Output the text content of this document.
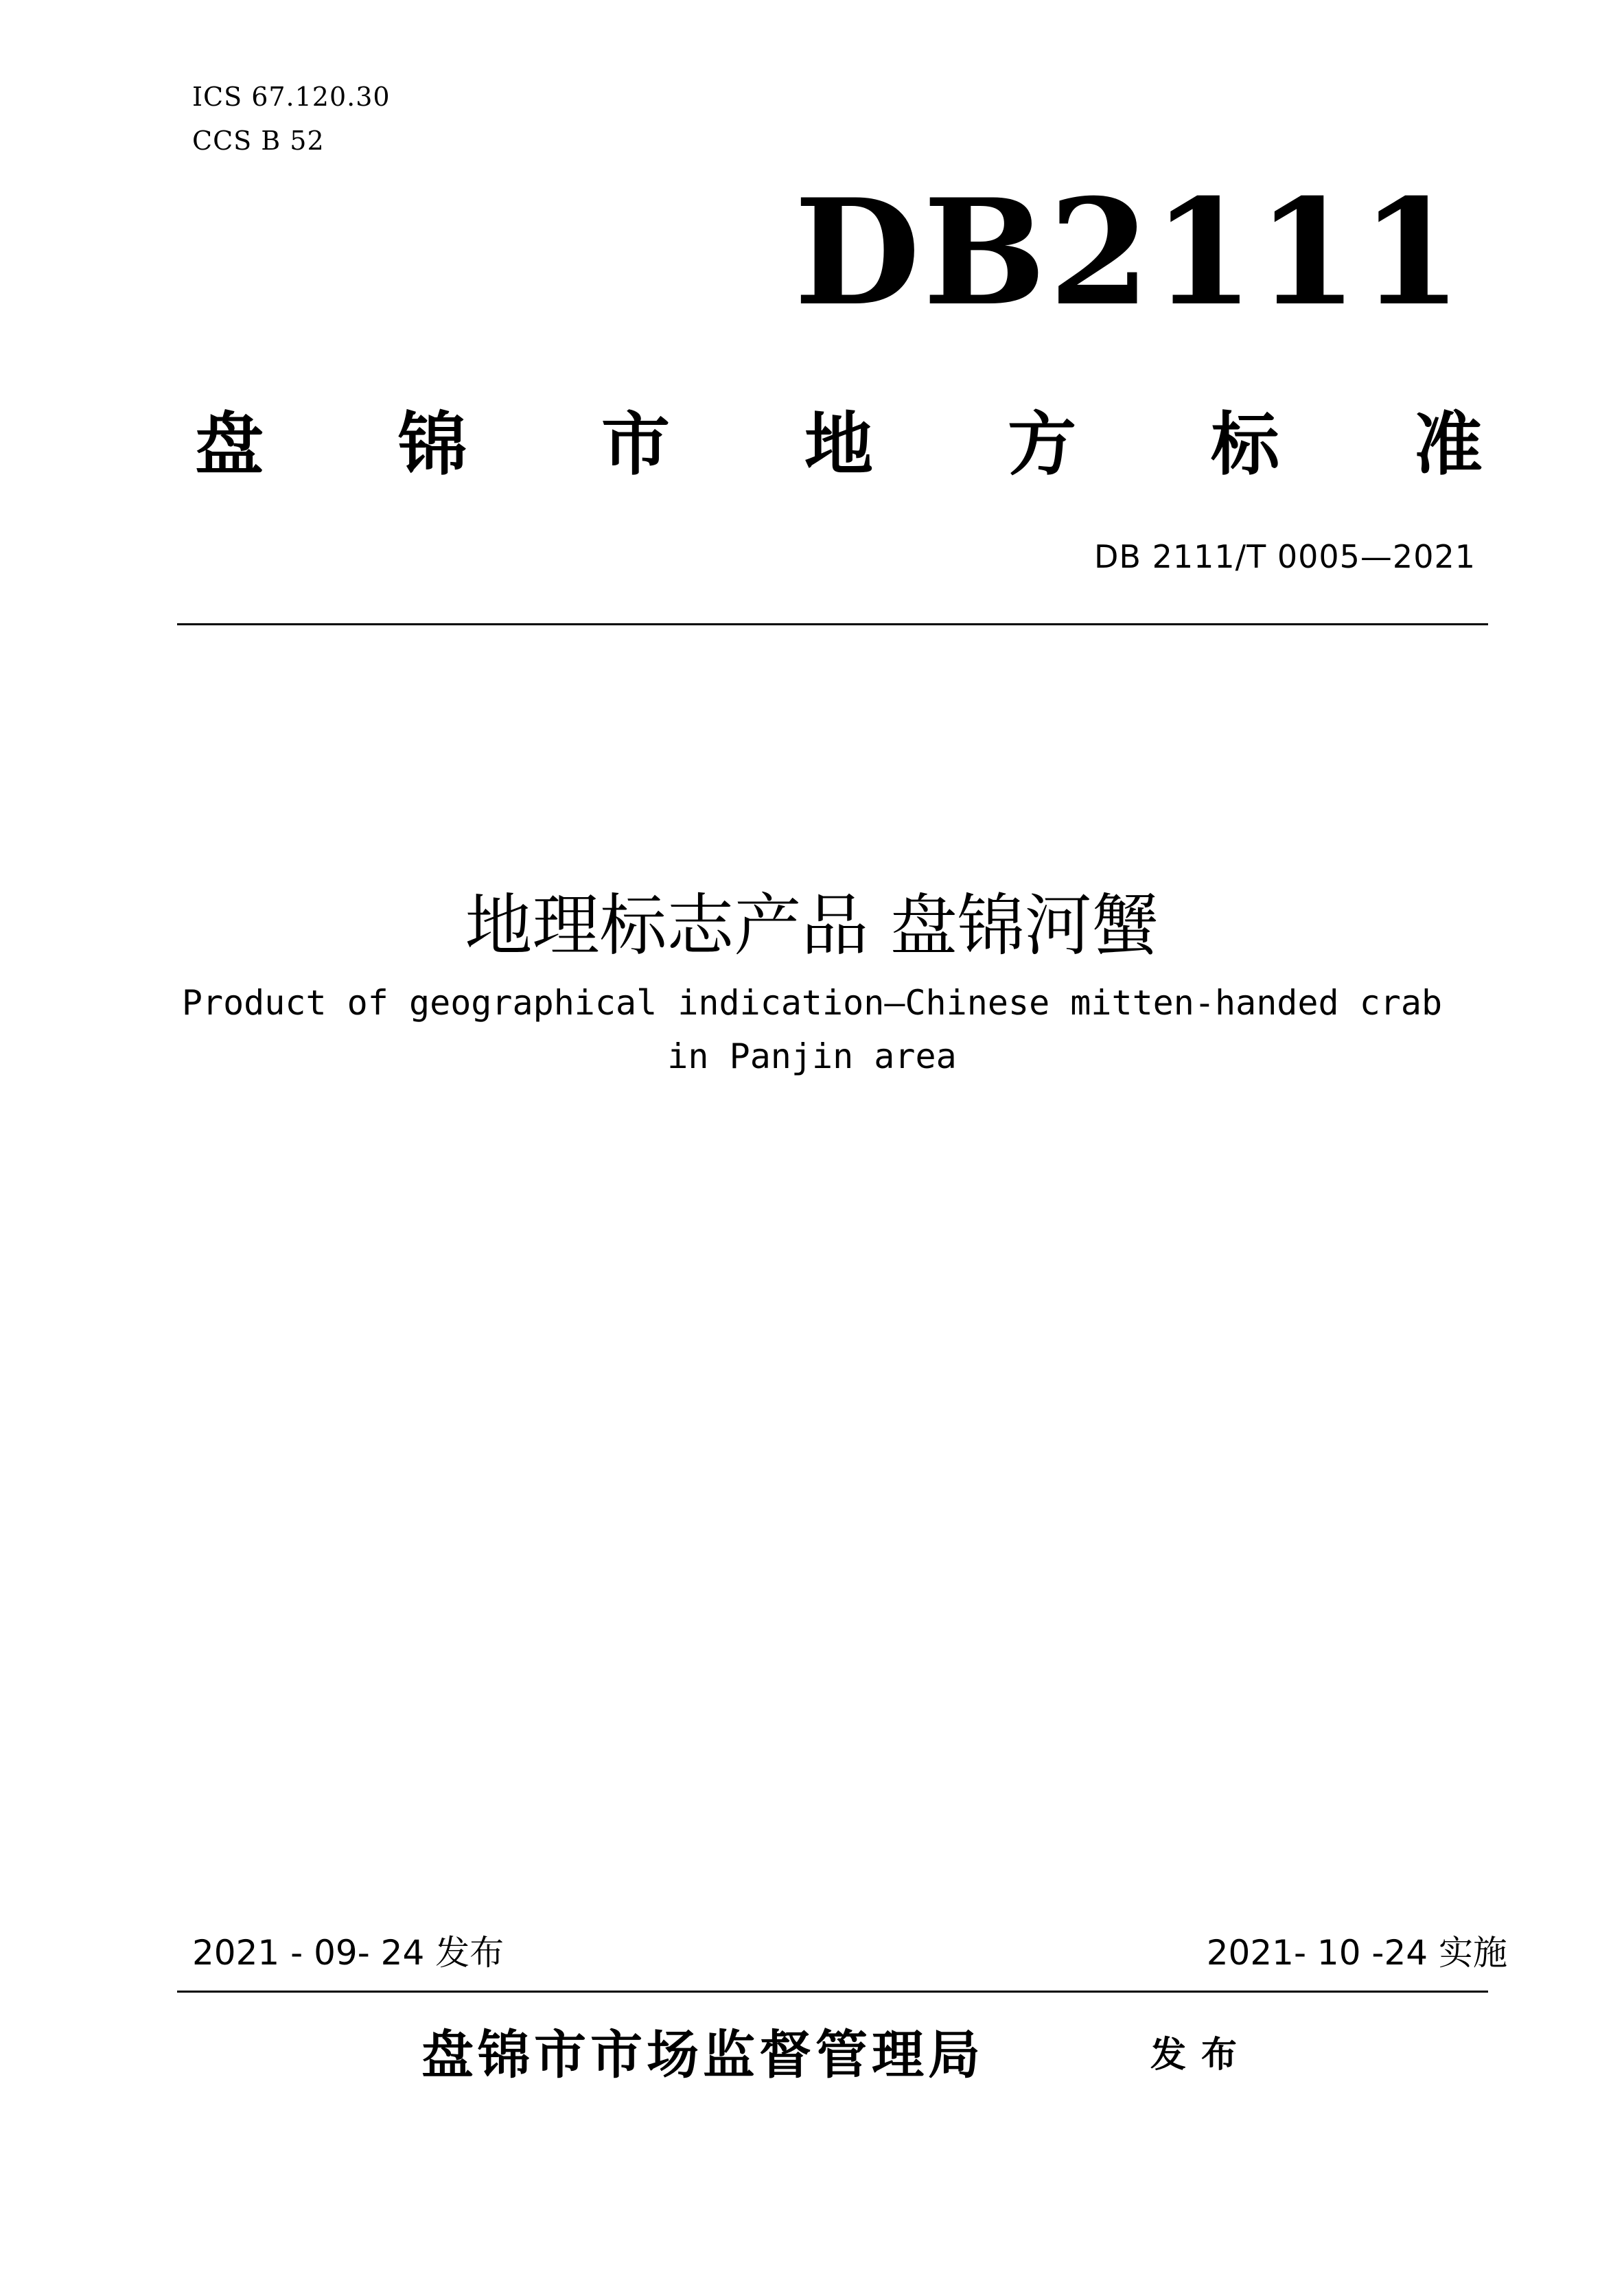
ICS 67.120.30
CCS B 52
DB2111
盘 锦 市 地 方 标 准
DB 2111/T 0005—2021
地理标志产品 盘锦河蟹
Product of geographical indication—Chinese mitten-handed crab
in Panjin area
2021 - 09- 24 发布	2021- 10 -24 实施
盘锦市市场监督管理局	发布
